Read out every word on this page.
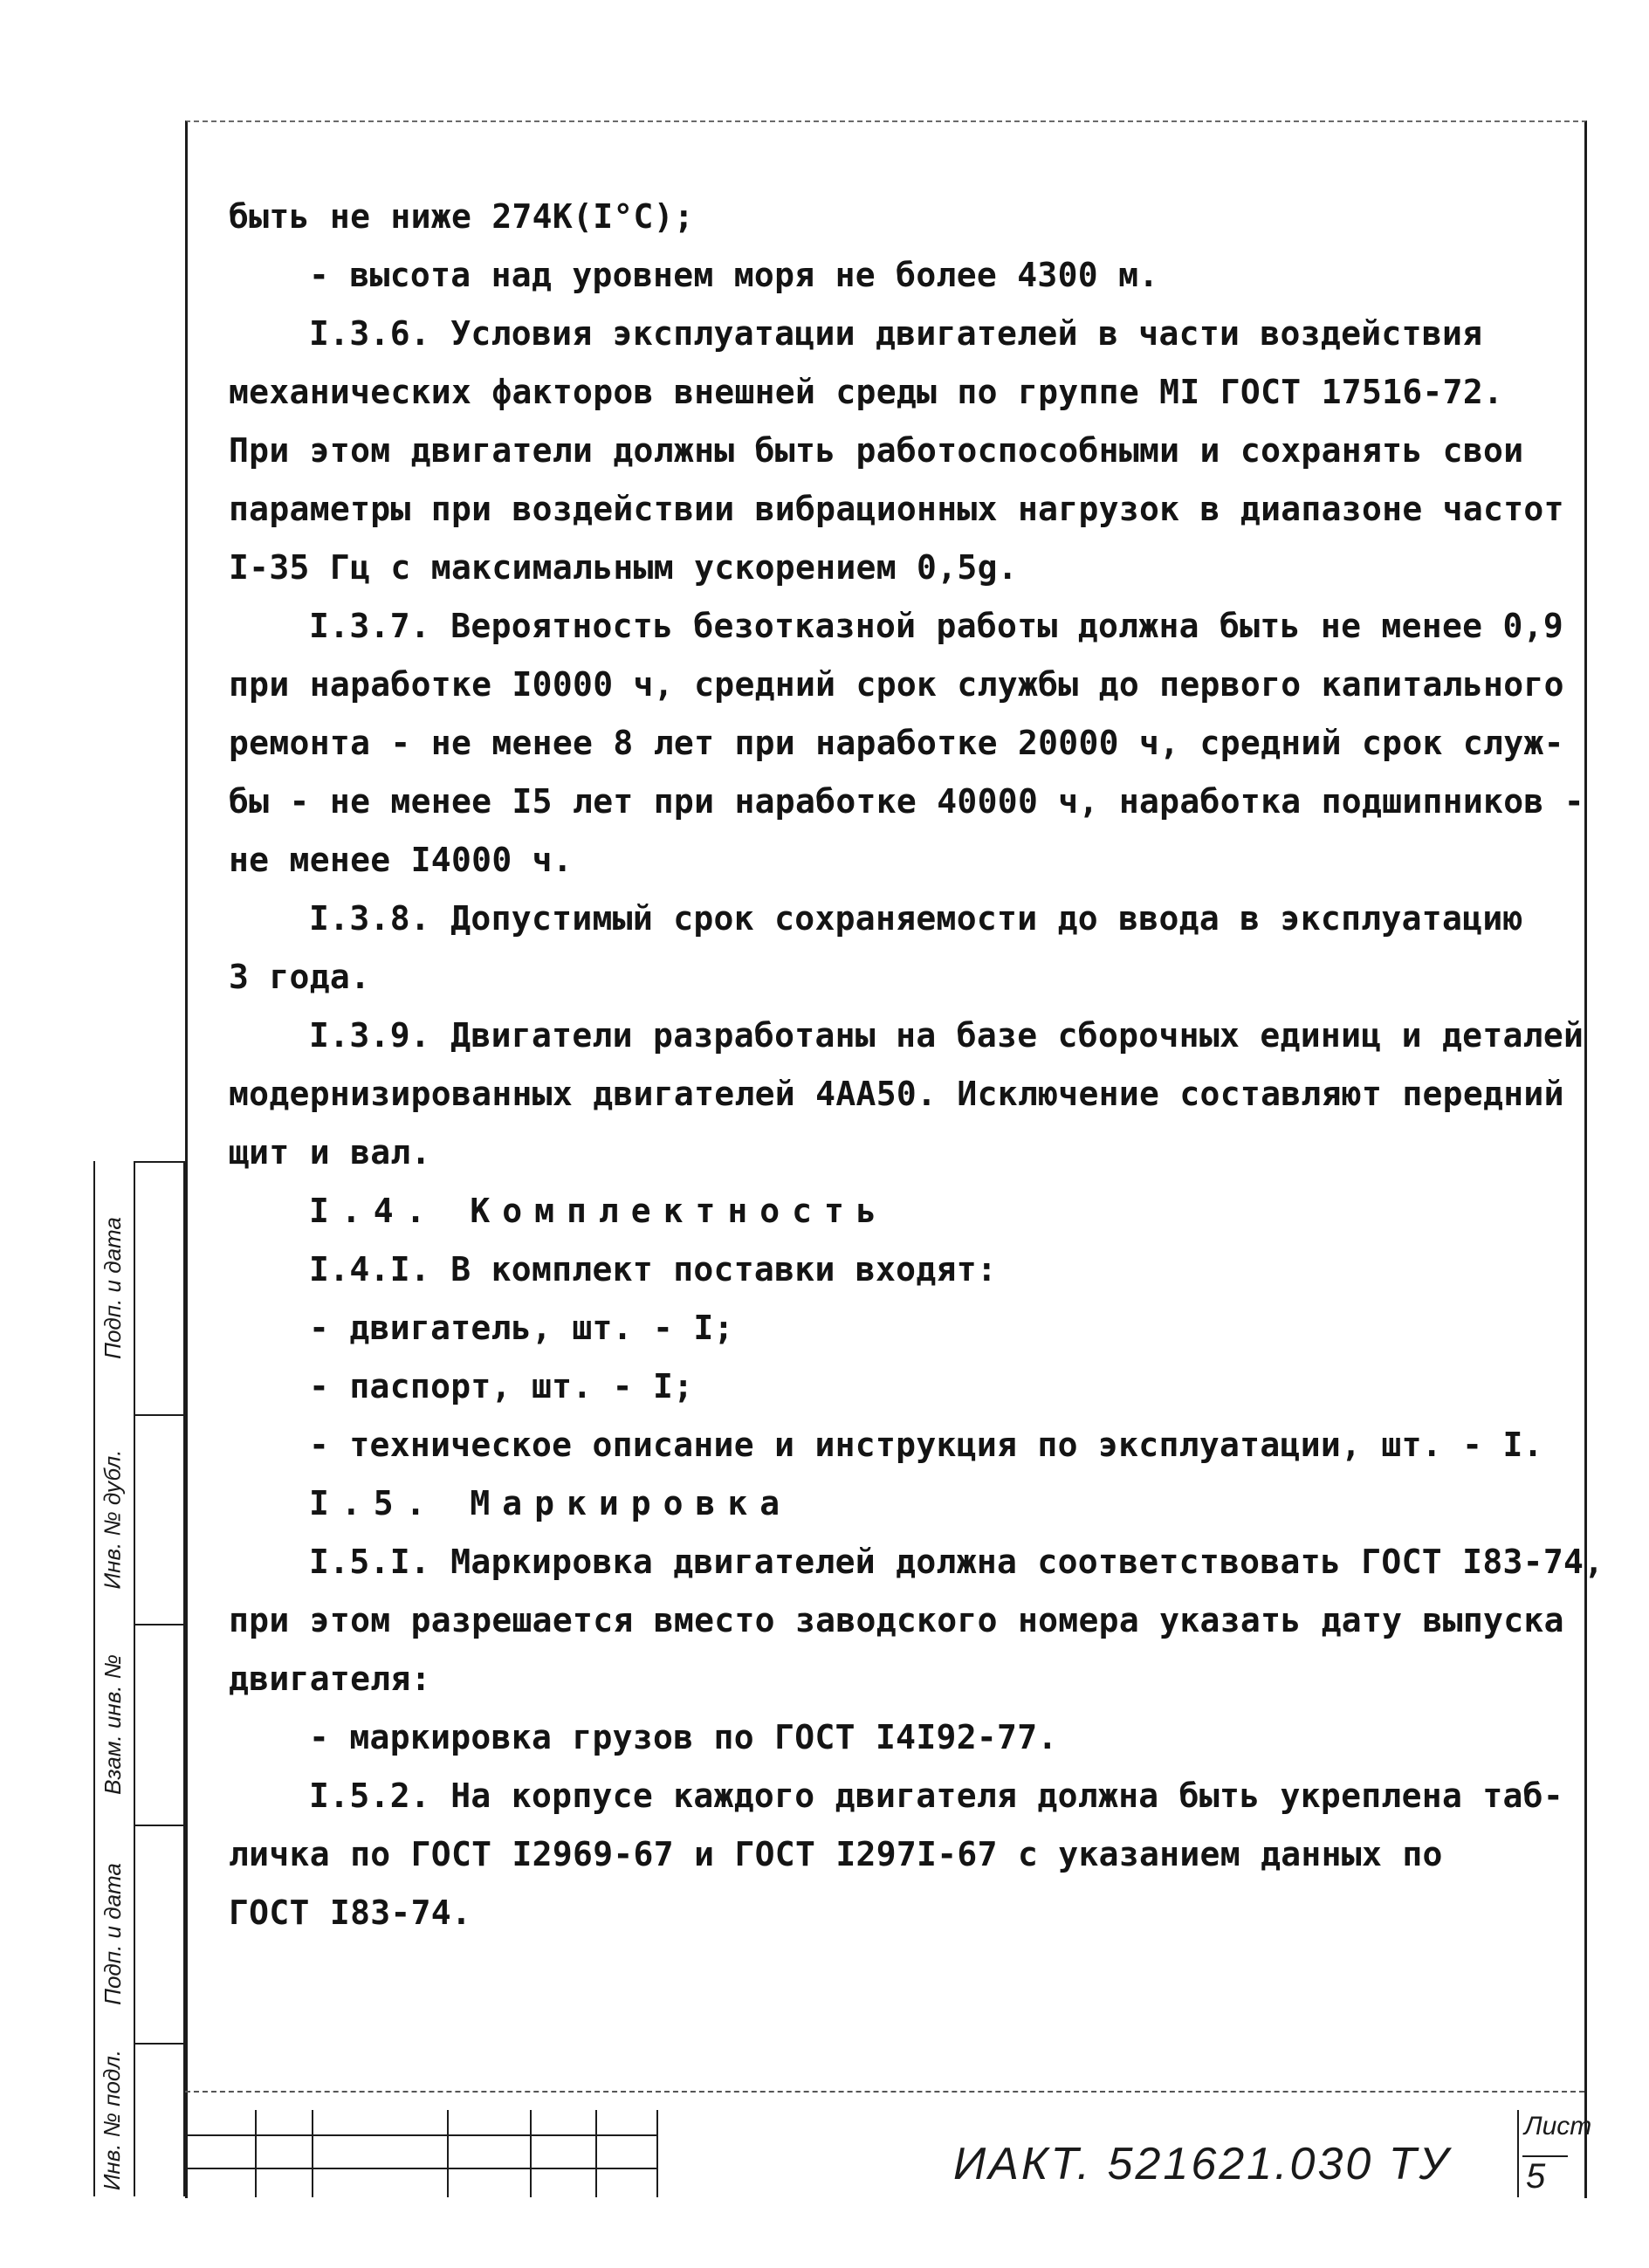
быть не ниже 274К(I°С);
- высота над уровнем моря не более 4300 м.
I.3.6. Условия эксплуатации двигателей в части воздействия
механических факторов внешней среды по группе МI ГОСТ 17516-72.
При этом двигатели должны быть работоспособными и сохранять свои
параметры при воздействии вибрационных нагрузок в диапазоне частот
I-35 Гц с максимальным ускорением 0,5g.
I.3.7. Вероятность безотказной работы должна быть не менее 0,9
при наработке I0000 ч, средний срок службы до первого капитального
ремонта - не менее 8 лет при наработке 20000 ч, средний срок служ-
бы - не менее I5 лет при наработке 40000 ч, наработка подшипников -
не менее I4000 ч.
I.3.8. Допустимый срок сохраняемости до ввода в эксплуатацию
3 года.
I.3.9. Двигатели разработаны на базе сборочных единиц и деталей
модернизированных двигателей 4АА50. Исключение составляют передний
щит и вал.
I.4. Комплектность
I.4.I. В комплект поставки входят:
- двигатель, шт. - I;
- паспорт, шт. - I;
- техническое описание и инструкция по эксплуатации, шт. - I.
I.5. Маркировка
I.5.I. Маркировка двигателей должна соответствовать ГОСТ I83-74,
при этом разрешается вместо заводского номера указать дату выпуска
двигателя:
- маркировка грузов по ГОСТ I4I92-77.
I.5.2. На корпусе каждого двигателя должна быть укреплена таб-
личка по ГОСТ I2969-67 и ГОСТ I297I-67 с указанием данных по
ГОСТ I83-74.
Подп. и дата
Инв. № дубл.
Взам. инв. №
Подп. и дата
Инв. № подл.	ИАКТ. 521621.030 ТУ
Лист
5
